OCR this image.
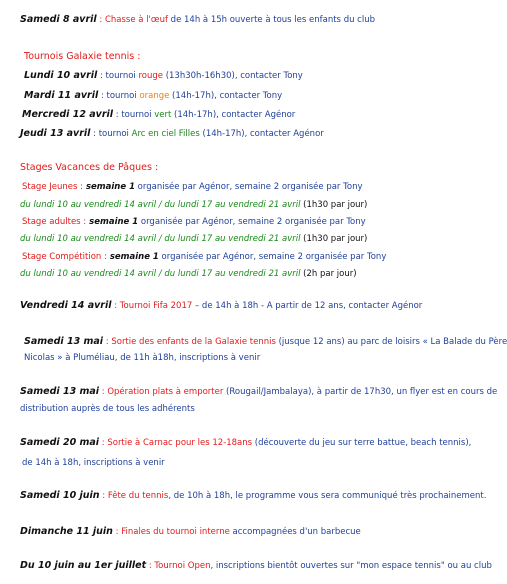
Samedi 8 avril : Chasse à l'œuf de 14h à 15h ouverte à tous les enfants du club
Tournois Galaxie tennis :
Lundi 10 avril : tournoi rouge (13h30h-16h30), contacter Tony
Mardi 11 avril : tournoi orange (14h-17h), contacter Tony
Mercredi 12 avril : tournoi vert (14h-17h), contacter Agénor
Jeudi 13 avril : tournoi Arc en ciel Filles (14h-17h), contacter Agénor
Stages Vacances de Pâques :
Stage Jeunes : semaine 1 organisée par Agénor, semaine 2 organisée par Tony
du lundi 10 au vendredi 14 avril / du lundi 17 au vendredi 21 avril (1h30 par jour)
Stage adultes : semaine 1 organisée par Agénor, semaine 2 organisée par Tony
du lundi 10 au vendredi 14 avril / du lundi 17 au vendredi 21 avril (1h30 par jour)
Stage Compétition : semaine 1 organisée par Agénor, semaine 2 organisée par Tony
du lundi 10 au vendredi 14 avril / du lundi 17 au vendredi 21 avril (2h par jour)
Vendredi 14 avril : Tournoi Fifa 2017 – de 14h à 18h - A partir de 12 ans, contacter Agénor
Samedi 13 mai : Sortie des enfants de la Galaxie tennis (jusque 12 ans) au parc de loisirs « La Balade du Père
Nicolas » à Pluméliau, de 11h à18h, inscriptions à venir
Samedi 13 mai : Opération plats à emporter (Rougail/Jambalaya), à partir de 17h30, un flyer est en cours de
distribution auprès de tous les adhérents
Samedi 20 mai : Sortie à Carnac pour les 12-18ans (découverte du jeu sur terre battue, beach tennis),
de 14h à 18h, inscriptions à venir
Samedi 10 juin : Fête du tennis, de 10h à 18h, le programme vous sera communiqué très prochainement.
Dimanche 11 juin : Finales du tournoi interne accompagnées d'un barbecue
Du 10 juin au 1er juillet : Tournoi Open, inscriptions bientôt ouvertes sur "mon espace tennis" ou au club
